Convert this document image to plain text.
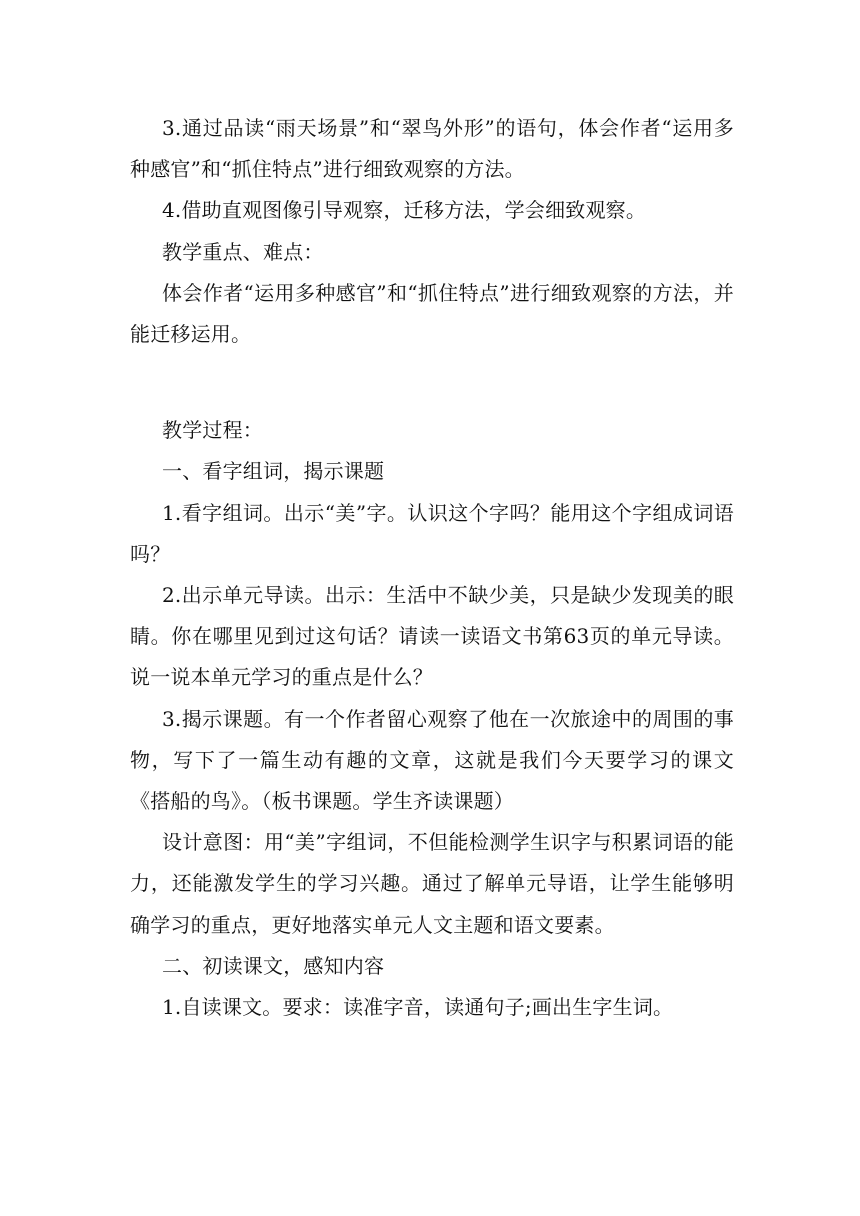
3.通过品读“雨天场景”和“翠鸟外形”的语句，体会作者“运用多种感官”和“抓住特点”进行细致观察的方法。

4.借助直观图像引导观察，迁移方法，学会细致观察。

教学重点、难点：

体会作者“运用多种感官”和“抓住特点”进行细致观察的方法，并能迁移运用。

教学过程：

一、看字组词，揭示课题

1.看字组词。出示“美”字。认识这个字吗？能用这个字组成词语吗？

2.出示单元导读。出示：生活中不缺少美，只是缺少发现美的眼睛。你在哪里见到过这句话？请读一读语文书第63页的单元导读。说一说本单元学习的重点是什么？

3.揭示课题。有一个作者留心观察了他在一次旅途中的周围的事物，写下了一篇生动有趣的文章，这就是我们今天要学习的课文《搭船的鸟》。（板书课题。学生齐读课题）

设计意图：用“美”字组词，不但能检测学生识字与积累词语的能力，还能激发学生的学习兴趣。通过了解单元导语，让学生能够明确学习的重点，更好地落实单元人文主题和语文要素。

二、初读课文，感知内容

1.自读课文。要求：读准字音，读通句子;画出生字生词。
